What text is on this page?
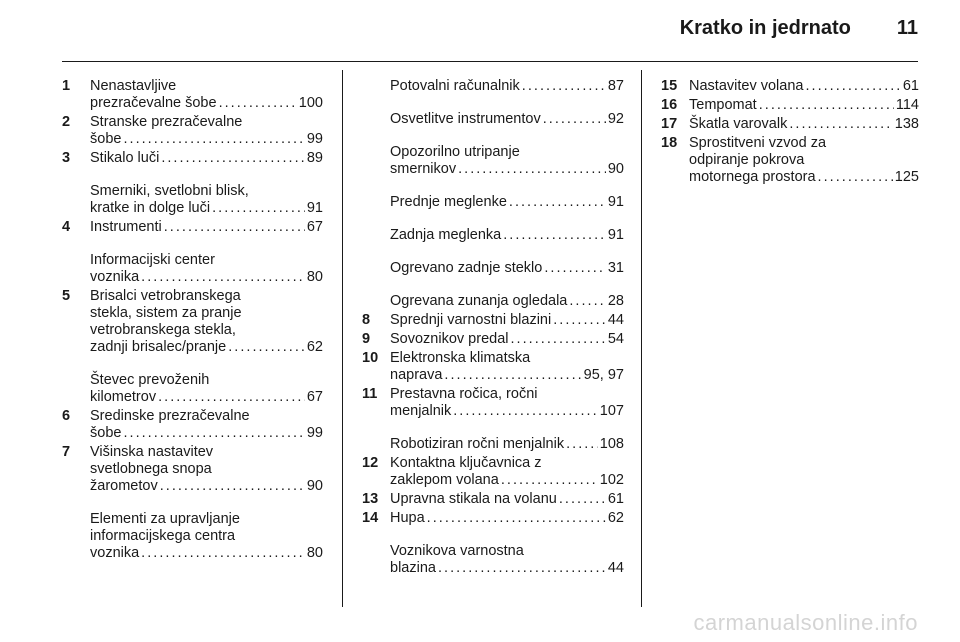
Kratko in jedrnato 11
1 Nenastavljive
prezračevalne šobe . . .	100
2 Stranske prezračevalne
šobe . . .	99
3 Stikalo luči . . .	89
Smerniki, svetlobni blisk,
kratke in dolge luči . . .	91
4 Instrumenti . . .	67
Informacijski center
voznika . . .	80
5 Brisalci vetrobranskega
stekla, sistem za pranje
vetrobranskega stekla,
zadnji brisalec/pranje . . .	62
Števec prevoženih
kilometrov . . .	67
6 Sredinske prezračevalne
šobe . . .	99
7 Višinska nastavitev
svetlobnega snopa
žarometov . . .	90
Elementi za upravljanje
informacijskega centra
voznika . . .	80
Potovalni računalnik . . .	87
Osvetlitve instrumentov . . .	92
Opozorilno utripanje
smernikov . . .	90
Prednje meglenke . . .	91
Zadnja meglenka . . .	91
Ogrevano zadnje steklo . . .	31
Ogrevana zunanja ogledala . . .	28
8 Sprednji varnostni blazini . . .	44
9 Sovoznikov predal . . .	54
10 Elektronska klimatska
naprava . . .	95, 97
11 Prestavna ročica, ročni
menjalnik . . .	107
Robotiziran ročni menjalnik . . . 108
12 Kontaktna ključavnica z
zaklepom volana . . .	102
13 Upravna stikala na volanu . . .	61
14 Hupa . . .	62
Voznikova varnostna
blazina . . .	44
15 Nastavitev volana . . .	61
16 Tempomat . . .	114
17 Škatla varovalk . . .	138
18 Sprostitveni vzvod za
odpiranje pokrova
motornega prostora . . .	125
carmanualsonline.info
